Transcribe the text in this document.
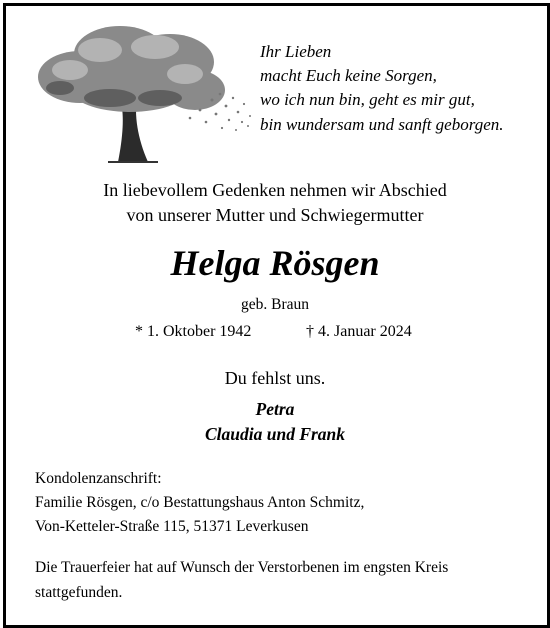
Ihr Lieben
macht Euch keine Sorgen,
wo ich nun bin, geht es mir gut,
bin wundersam und sanft geborgen.
In liebevollem Gedenken nehmen wir Abschied
von unserer Mutter und Schwiegermutter
Helga Rösgen
geb. Braun
* 1. Oktober 1942	† 4. Januar 2024
Du fehlst uns.
Petra
Claudia und Frank
Kondolenzanschrift:
Familie Rösgen, c/o Bestattungshaus Anton Schmitz,
Von-Ketteler-Straße 115, 51371 Leverkusen
Die Trauerfeier hat auf Wunsch der Verstorbenen im engsten Kreis stattgefunden.
